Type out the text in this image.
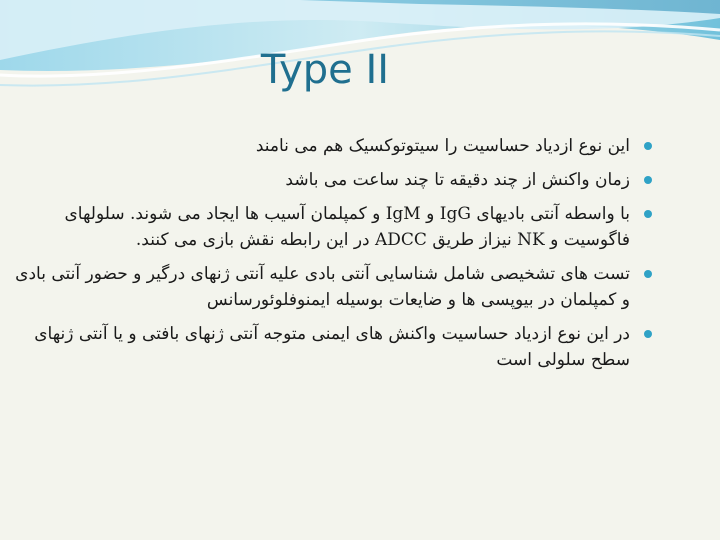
Type II
این نوع ازدیاد حساسیت را سیتوتوکسیک هم می نامند
زمان واکنش از چند دقیقه تا چند ساعت می باشد
با واسطه آنتی بادیهای IgG و IgM و کمپلمان آسیب ها ایجاد می شوند. سلولهای فاگوسیت و NK نیزاز طریق ADCC در این رابطه نقش بازی می کنند.
تست های تشخیصی شامل شناسایی آنتی بادی علیه آنتی ژنهای درگیر و حضور آنتی بادی و کمپلمان در بیوپسی ها و ضایعات بوسیله ایمنوفلوئورسانس
در این نوع ازدیاد حساسیت واکنش های ایمنی متوجه آنتی ژنهای بافتی و یا آنتی ژنهای سطح سلولی است
